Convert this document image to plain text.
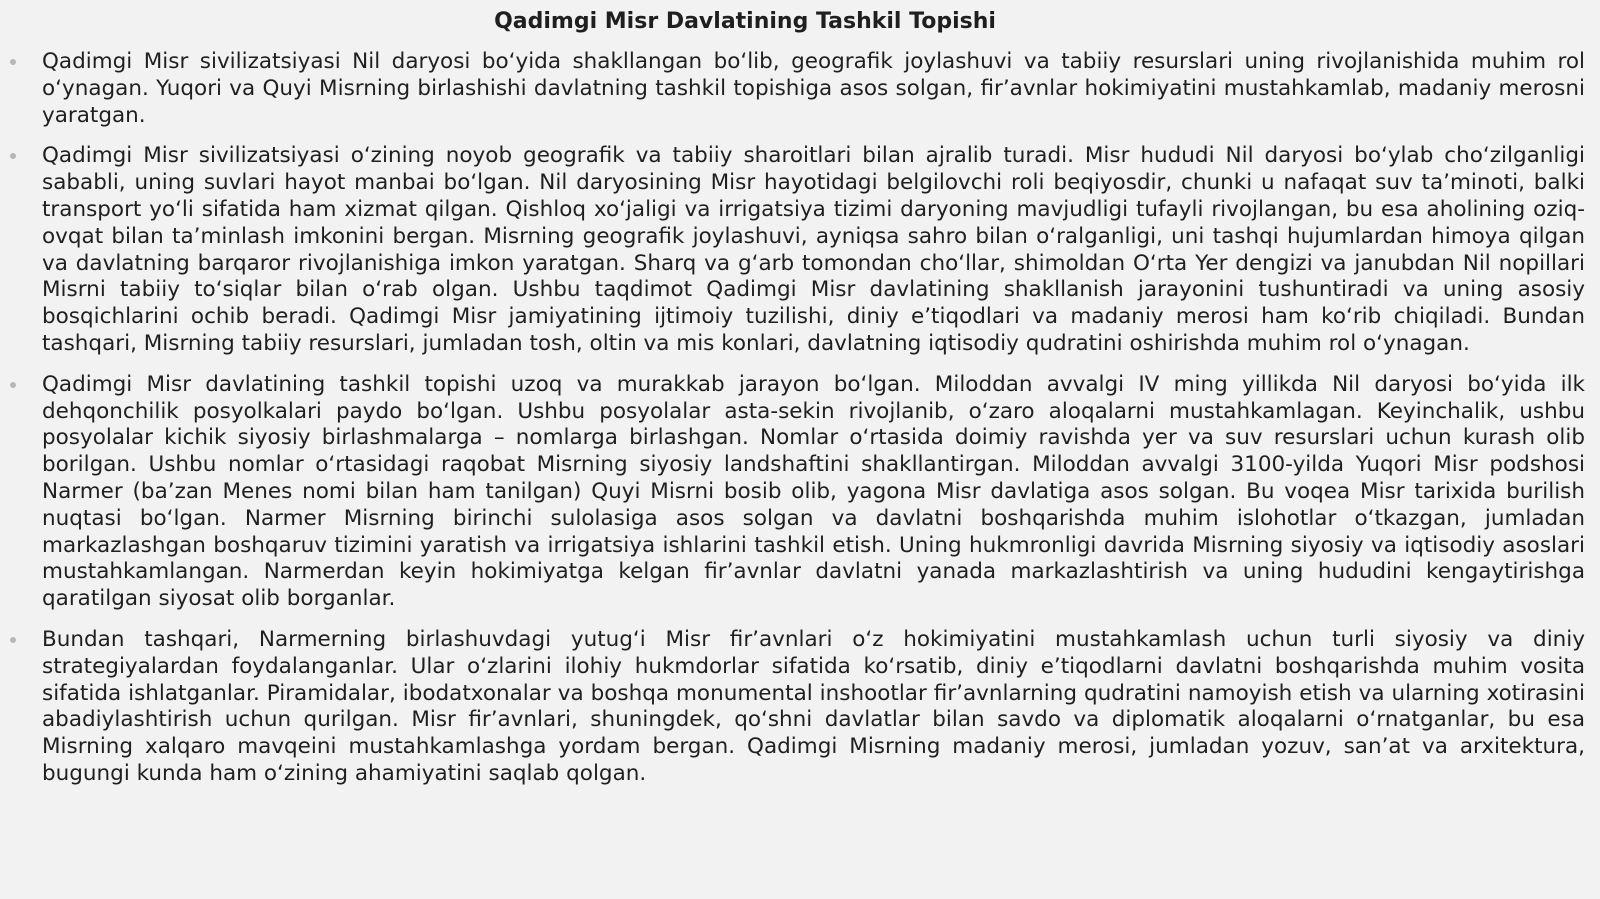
Qadimgi Misr Davlatining Tashkil Topishi
Qadimgi Misr sivilizatsiyasi Nil daryosi bo‘yida shakllangan bo‘lib, geografik joylashuvi va tabiiy resurslari uning rivojlanishida muhim rol o‘ynagan. Yuqori va Quyi Misrning birlashishi davlatning tashkil topishiga asos solgan, fir’avnlar hokimiyatini mustahkamlab, madaniy merosni yaratgan.
Qadimgi Misr sivilizatsiyasi o‘zining noyob geografik va tabiiy sharoitlari bilan ajralib turadi. Misr hududi Nil daryosi bo‘ylab cho‘zilganligi sababli, uning suvlari hayot manbai bo‘lgan. Nil daryosining Misr hayotidagi belgilovchi roli beqiyosdir, chunki u nafaqat suv ta’minoti, balki transport yo‘li sifatida ham xizmat qilgan. Qishloq xo‘jaligi va irrigatsiya tizimi daryoning mavjudligi tufayli rivojlangan, bu esa aholining oziq-ovqat bilan ta’minlash imkonini bergan. Misrning geografik joylashuvi, ayniqsa sahro bilan o‘ralganligi, uni tashqi hujumlardan himoya qilgan va davlatning barqaror rivojlanishiga imkon yaratgan. Sharq va g‘arb tomondan cho‘llar, shimoldan O‘rta Yer dengizi va janubdan Nil nopillari Misrni tabiiy to‘siqlar bilan o‘rab olgan. Ushbu taqdimot Qadimgi Misr davlatining shakllanish jarayonini tushuntiradi va uning asosiy bosqichlarini ochib beradi. Qadimgi Misr jamiyatining ijtimoiy tuzilishi, diniy e’tiqodlari va madaniy merosi ham ko‘rib chiqiladi. Bundan tashqari, Misrning tabiiy resurslari, jumladan tosh, oltin va mis konlari, davlatning iqtisodiy qudratini oshirishda muhim rol o‘ynagan.
Qadimgi Misr davlatining tashkil topishi uzoq va murakkab jarayon bo‘lgan. Miloddan avvalgi IV ming yillikda Nil daryosi bo‘yida ilk dehqonchilik posyolkalari paydo bo‘lgan. Ushbu posyolalar asta-sekin rivojlanib, o‘zaro aloqalarni mustahkamlagan. Keyinchalik, ushbu posyolalar kichik siyosiy birlashmalarga – nomlarga birlashgan. Nomlar o‘rtasida doimiy ravishda yer va suv resurslari uchun kurash olib borilgan. Ushbu nomlar o‘rtasidagi raqobat Misrning siyosiy landshaftini shakllantirgan. Miloddan avvalgi 3100-yilda Yuqori Misr podshosi Narmer (ba’zan Menes nomi bilan ham tanilgan) Quyi Misrni bosib olib, yagona Misr davlatiga asos solgan. Bu voqea Misr tarixida burilish nuqtasi bo‘lgan. Narmer Misrning birinchi sulolasiga asos solgan va davlatni boshqarishda muhim islohotlar o‘tkazgan, jumladan markazlashgan boshqaruv tizimini yaratish va irrigatsiya ishlarini tashkil etish. Uning hukmronligi davrida Misrning siyosiy va iqtisodiy asoslari mustahkamlangan. Narmerdan keyin hokimiyatga kelgan fir’avnlar davlatni yanada markazlashtirish va uning hududini kengaytirishga qaratilgan siyosat olib borganlar.
Bundan tashqari, Narmerning birlashuvdagi yutug‘i Misr fir’avnlari o‘z hokimiyatini mustahkamlash uchun turli siyosiy va diniy strategiyalardan foydalanganlar. Ular o‘zlarini ilohiy hukmdorlar sifatida ko‘rsatib, diniy e’tiqodlarni davlatni boshqarishda muhim vosita sifatida ishlatganlar. Piramidalar, ibodatxonalar va boshqa monumental inshootlar fir’avnlarning qudratini namoyish etish va ularning xotirasini abadiylashtirish uchun qurilgan. Misr fir’avnlari, shuningdek, qo‘shni davlatlar bilan savdo va diplomatik aloqalarni o‘rnatganlar, bu esa Misrning xalqaro mavqeini mustahkamlashga yordam bergan. Qadimgi Misrning madaniy merosi, jumladan yozuv, san’at va arxitektura, bugungi kunda ham o‘zining ahamiyatini saqlab qolgan.
